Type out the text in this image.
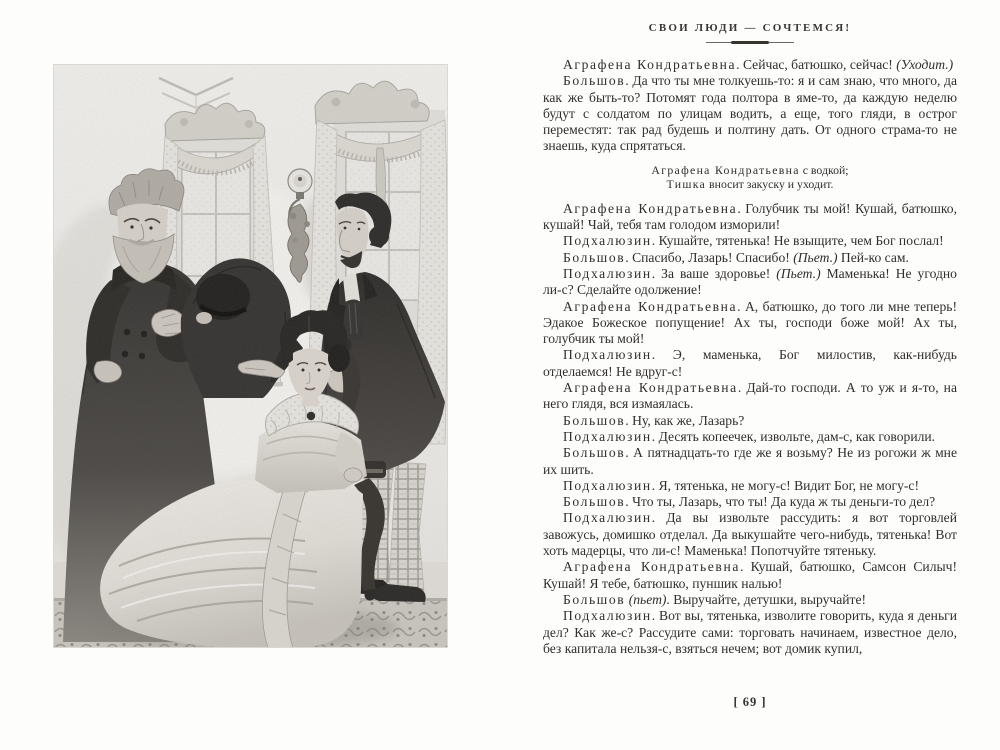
СВОИ ЛЮДИ — СОЧТЕМСЯ!

Аграфена Кондратьевна. Сейчас, батюшко, сейчас! (Уходит.)

Большов. Да что ты мне толкуешь-то: я и сам знаю, что много, да как же быть-то? Потомят года полтора в яме-то, да каждую неделю будут с солдатом по улицам водить, а еще, того гляди, в острог переместят: так рад будешь и полтину дать. От одного страма-то не знаешь, куда спрятаться.

Аграфена Кондратьевна с водкой;
Тишка вносит закуску и уходит.

Аграфена Кондратьевна. Голубчик ты мой! Кушай, батюшко, кушай! Чай, тебя там голодом изморили!

Подхалюзин. Кушайте, тятенька! Не взыщите, чем Бог послал!

Большов. Спасибо, Лазарь! Спасибо! (Пьет.) Пей-ко сам.

Подхалюзин. За ваше здоровье! (Пьет.) Маменька! Не угодно ли-с? Сделайте одолжение!

Аграфена Кондратьевна. А, батюшко, до того ли мне теперь! Эдакое Божеское попущение! Ах ты, господи боже мой! Ах ты, голубчик ты мой!

Подхалюзин. Э, маменька, Бог милостив, как-нибудь отделаемся! Не вдруг-с!

Аграфена Кондратьевна. Дай-то господи. А то уж и я-то, на него глядя, вся измаялась.

Большов. Ну, как же, Лазарь?

Подхалюзин. Десять копеечек, извольте, дам-с, как говорили.

Большов. А пятнадцать-то где же я возьму? Не из рогожи ж мне их шить.

Подхалюзин. Я, тятенька, не могу-с! Видит Бог, не могу-с!

Большов. Что ты, Лазарь, что ты! Да куда ж ты деньги-то дел?

Подхалюзин. Да вы извольте рассудить: я вот торговлей завожусь, домишко отделал. Да выкушайте чего-нибудь, тятенька! Вот хоть мадерцы, что ли-с! Маменька! Попотчуйте тятеньку.

Аграфена Кондратьевна. Кушай, батюшко, Самсон Силыч! Кушай! Я тебе, батюшко, пуншик налью!

Большов (пьет). Выручайте, детушки, выручайте!

Подхалюзин. Вот вы, тятенька, изволите говорить, куда я деньги дел? Как же-с? Рассудите сами: торговать начинаем, известное дело, без капитала нельзя-с, взяться нечем; вот домик купил,

[ 69 ]
